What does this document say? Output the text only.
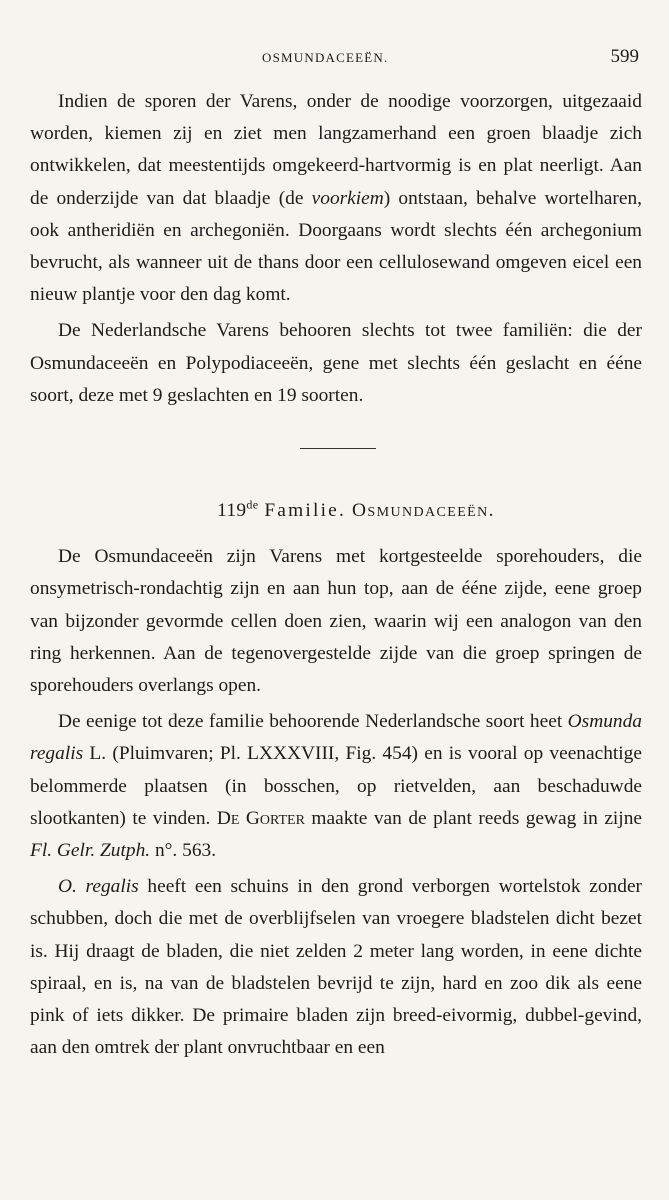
OSMUNDACEEËN.	599

Indien de sporen der Varens, onder de noodige voorzorgen, uitgezaaid worden, kiemen zij en ziet men langzamerhand een groen blaadje zich ontwikkelen, dat meestentijds omgekeerd-hartvormig is en plat neerligt. Aan de onderzijde van dat blaadje (de voorkiem) ontstaan, behalve wortelharen, ook antheridiën en archegoniën. Doorgaans wordt slechts één archegonium bevrucht, als wanneer uit de thans door een cellulosewand omgeven eicel een nieuw plantje voor den dag komt.

De Nederlandsche Varens behooren slechts tot twee familiën: die der Osmundaceeën en Polypodiaceeën, gene met slechts één geslacht en ééne soort, deze met 9 geslachten en 19 soorten.

119de Familie. Osmundaceeën.

De Osmundaceeën zijn Varens met kortgesteelde sporehouders, die onsymetrisch-rondachtig zijn en aan hun top, aan de ééne zijde, eene groep van bijzonder gevormde cellen doen zien, waarin wij een analogon van den ring herkennen. Aan de tegenovergestelde zijde van die groep springen de sporehouders overlangs open.

De eenige tot deze familie behoorende Nederlandsche soort heet Osmunda regalis L. (Pluimvaren; Pl. LXXXVIII, Fig. 454) en is vooral op veenachtige belommerde plaatsen (in bosschen, op rietvelden, aan beschaduwde slootkanten) te vinden. De Gorter maakte van de plant reeds gewag in zijne Fl. Gelr. Zutph. n°. 563.

O. regalis heeft een schuins in den grond verborgen wortelstok zonder schubben, doch die met de overblijfselen van vroegere bladstelen dicht bezet is. Hij draagt de bladen, die niet zelden 2 meter lang worden, in eene dichte spiraal, en is, na van de bladstelen bevrijd te zijn, hard en zoo dik als eene pink of iets dikker. De primaire bladen zijn breed-eivormig, dubbel-gevind, aan den omtrek der plant onvruchtbaar en een
